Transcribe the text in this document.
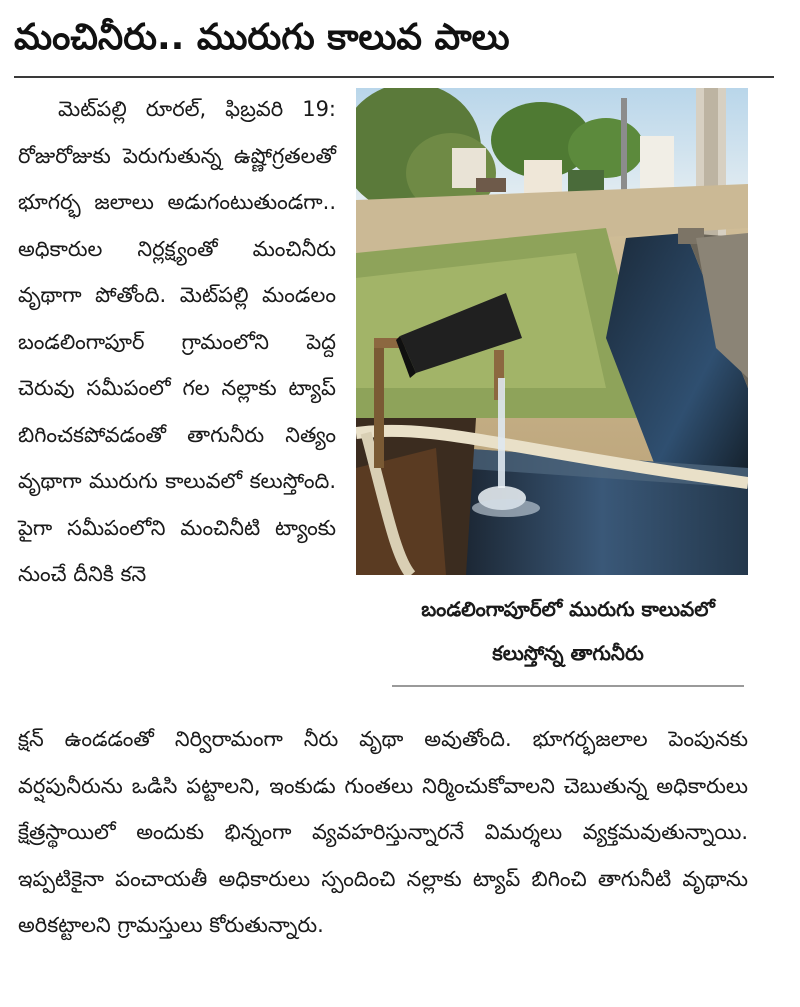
మంచినీరు.. మురుగు కాలువ పాలు

మెట్‌పల్లి రూరల్, ఫిబ్రవరి 19: రోజురోజుకు పెరుగుతున్న ఉష్ణోగ్రతలతో భూగర్భ జలాలు అడుగంటుతుండగా.. అధికారుల నిర్లక్ష్యంతో మంచినీరు వృథాగా పోతోంది. మెట్‌పల్లి మండలం బండలింగాపూర్ గ్రామంలోని పెద్ద చెరువు సమీపంలో గల నల్లాకు ట్యాప్ బిగించకపోవడంతో తాగునీరు నిత్యం వృథాగా మురుగు కాలువలో కలుస్తోంది. పైగా సమీపంలోని మంచినీటి ట్యాంకు నుంచే దీనికి కనె

బండలింగాపూర్‌లో మురుగు కాలువలో కలుస్తోన్న తాగునీరు

క్షన్ ఉండడంతో నిర్విరామంగా నీరు వృథా అవుతోంది. భూగర్భజలాల పెంపునకు వర్షపునీరును ఒడిసి పట్టాలని, ఇంకుడు గుంతలు నిర్మించుకోవాలని చెబుతున్న అధికారులు క్షేత్రస్థాయిలో అందుకు భిన్నంగా వ్యవహరిస్తున్నారనే విమర్శలు వ్యక్తమవుతున్నాయి. ఇప్పటికైనా పంచాయతీ అధికారులు స్పందించి నల్లాకు ట్యాప్ బిగించి తాగునీటి వృథాను అరికట్టాలని గ్రామస్తులు కోరుతున్నారు.
